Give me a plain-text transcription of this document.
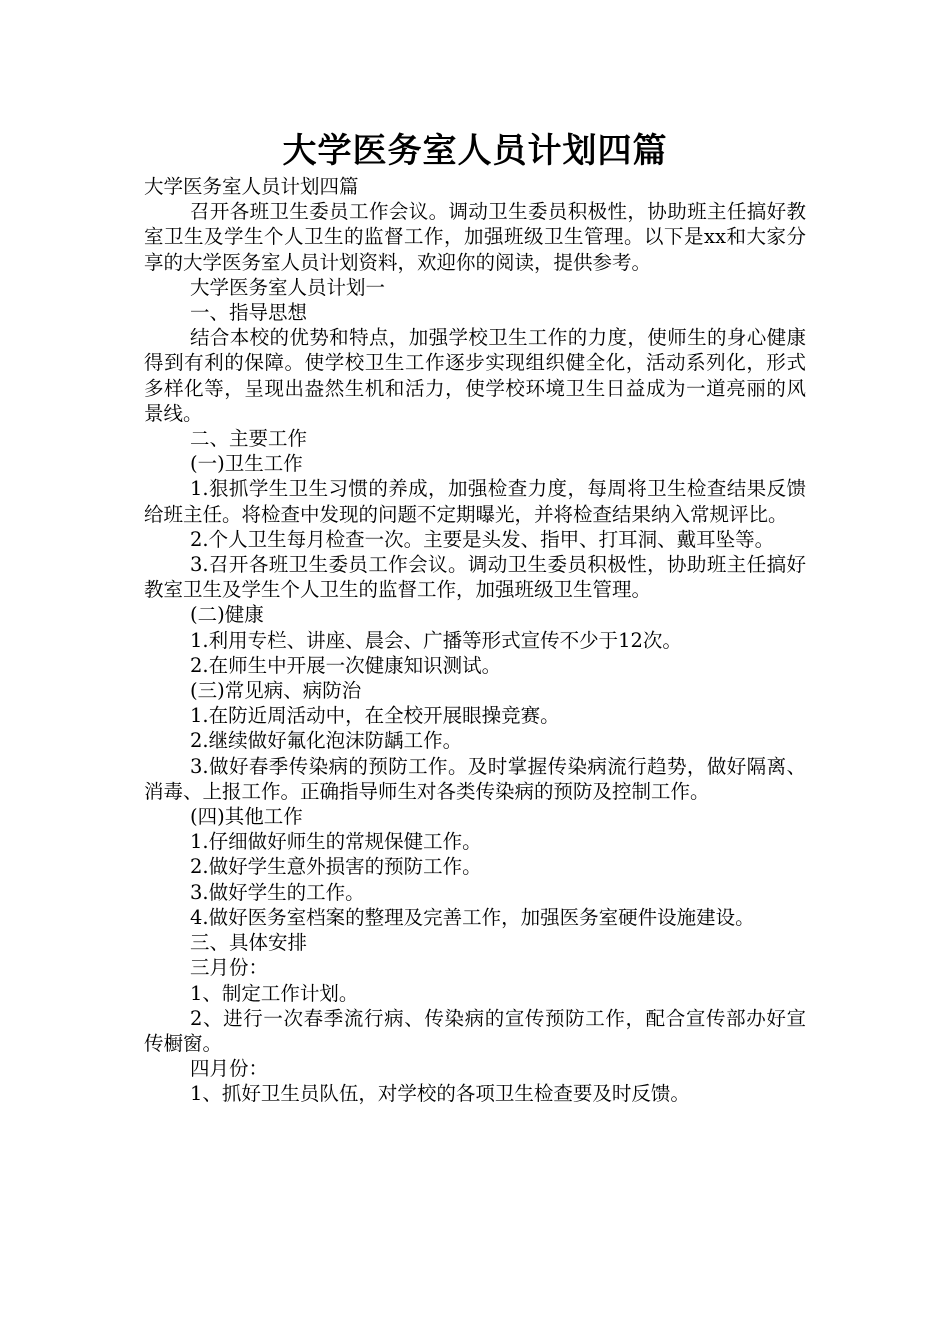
大学医务室人员计划四篇

大学医务室人员计划四篇

召开各班卫生委员工作会议。调动卫生委员积极性，协助班主任搞好教室卫生及学生个人卫生的监督工作，加强班级卫生管理。以下是xx和大家分享的大学医务室人员计划资料，欢迎你的阅读，提供参考。

大学医务室人员计划一

一、指导思想

结合本校的优势和特点，加强学校卫生工作的力度，使师生的身心健康得到有利的保障。使学校卫生工作逐步实现组织健全化，活动系列化，形式多样化等，呈现出盎然生机和活力，使学校环境卫生日益成为一道亮丽的风景线。

二、主要工作

(一)卫生工作

1.狠抓学生卫生习惯的养成，加强检查力度，每周将卫生检查结果反馈给班主任。将检查中发现的问题不定期曝光，并将检查结果纳入常规评比。

2.个人卫生每月检查一次。主要是头发、指甲、打耳洞、戴耳坠等。

3.召开各班卫生委员工作会议。调动卫生委员积极性，协助班主任搞好教室卫生及学生个人卫生的监督工作，加强班级卫生管理。

(二)健康

1.利用专栏、讲座、晨会、广播等形式宣传不少于12次。

2.在师生中开展一次健康知识测试。

(三)常见病、病防治

1.在防近周活动中，在全校开展眼操竞赛。

2.继续做好氟化泡沫防龋工作。

3.做好春季传染病的预防工作。及时掌握传染病流行趋势，做好隔离、消毒、上报工作。正确指导师生对各类传染病的预防及控制工作。

(四)其他工作

1.仔细做好师生的常规保健工作。

2.做好学生意外损害的预防工作。

3.做好学生的工作。

4.做好医务室档案的整理及完善工作，加强医务室硬件设施建设。

三、具体安排

三月份：

1、制定工作计划。

2、进行一次春季流行病、传染病的宣传预防工作，配合宣传部办好宣传橱窗。

四月份：

1、抓好卫生员队伍，对学校的各项卫生检查要及时反馈。
